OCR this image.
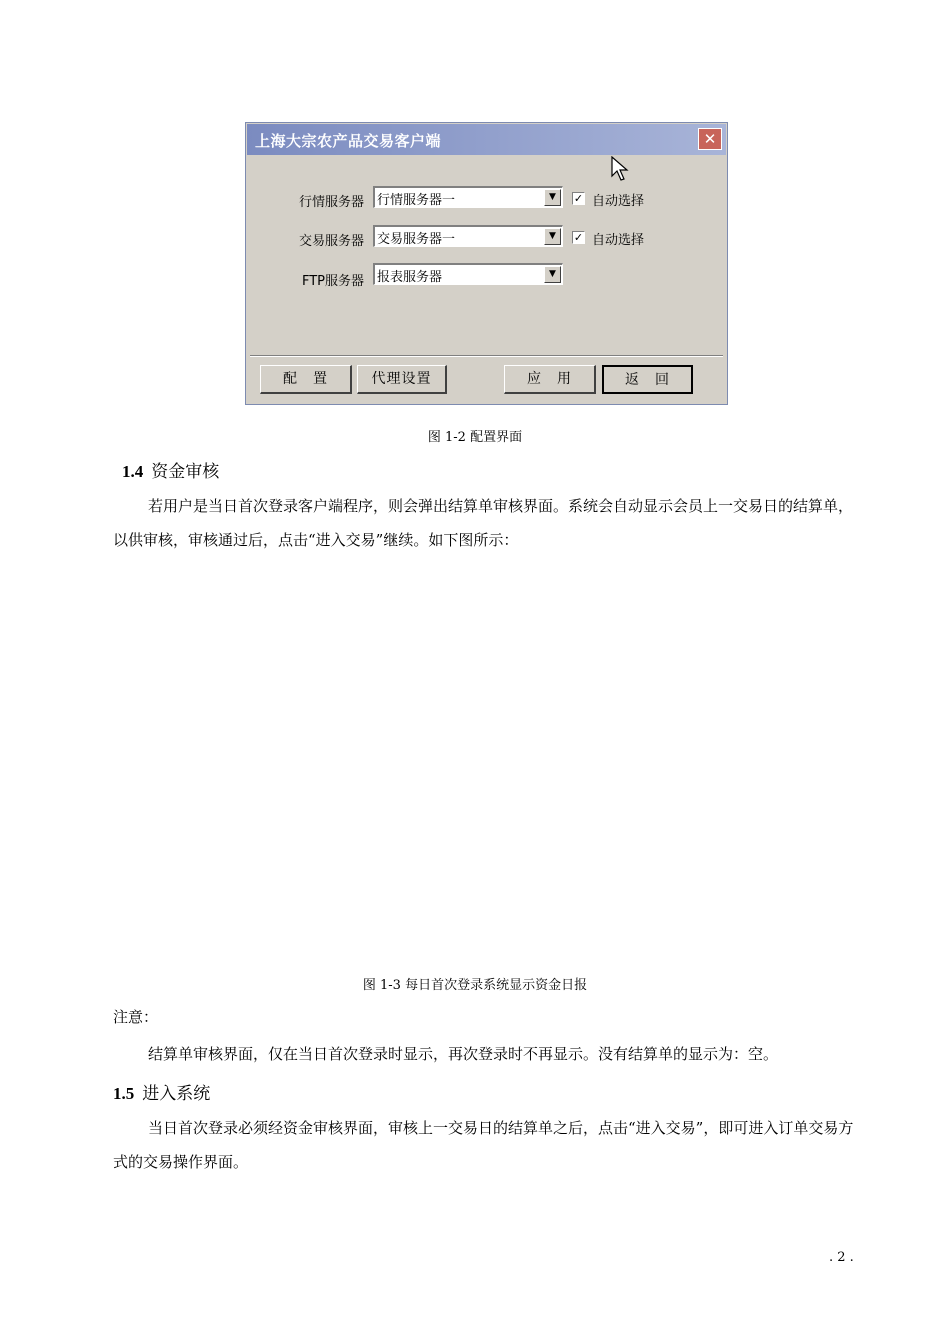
上海大宗农产品交易客户端	✕
行情服务器 行情服务器一	▼	✓ 自动选择
交易服务器 交易服务器一	▼	✓ 自动选择
FTP服务器 报表服务器	▼
配　置	代理设置	应　用	返　回
图 1-2 配置界面
1.4 资金审核
若用户是当日首次登录客户端程序，则会弹出结算单审核界面。系统会自动显示会员上一交易日的结算单，以供审核，审核通过后，点击“进入交易”继续。如下图所示：
图 1-3 每日首次登录系统显示资金日报
注意：
结算单审核界面，仅在当日首次登录时显示，再次登录时不再显示。没有结算单的显示为：空。
1.5 进入系统
当日首次登录必须经资金审核界面，审核上一交易日的结算单之后，点击“进入交易”，即可进入订单交易方式的交易操作界面。
. 2 .
